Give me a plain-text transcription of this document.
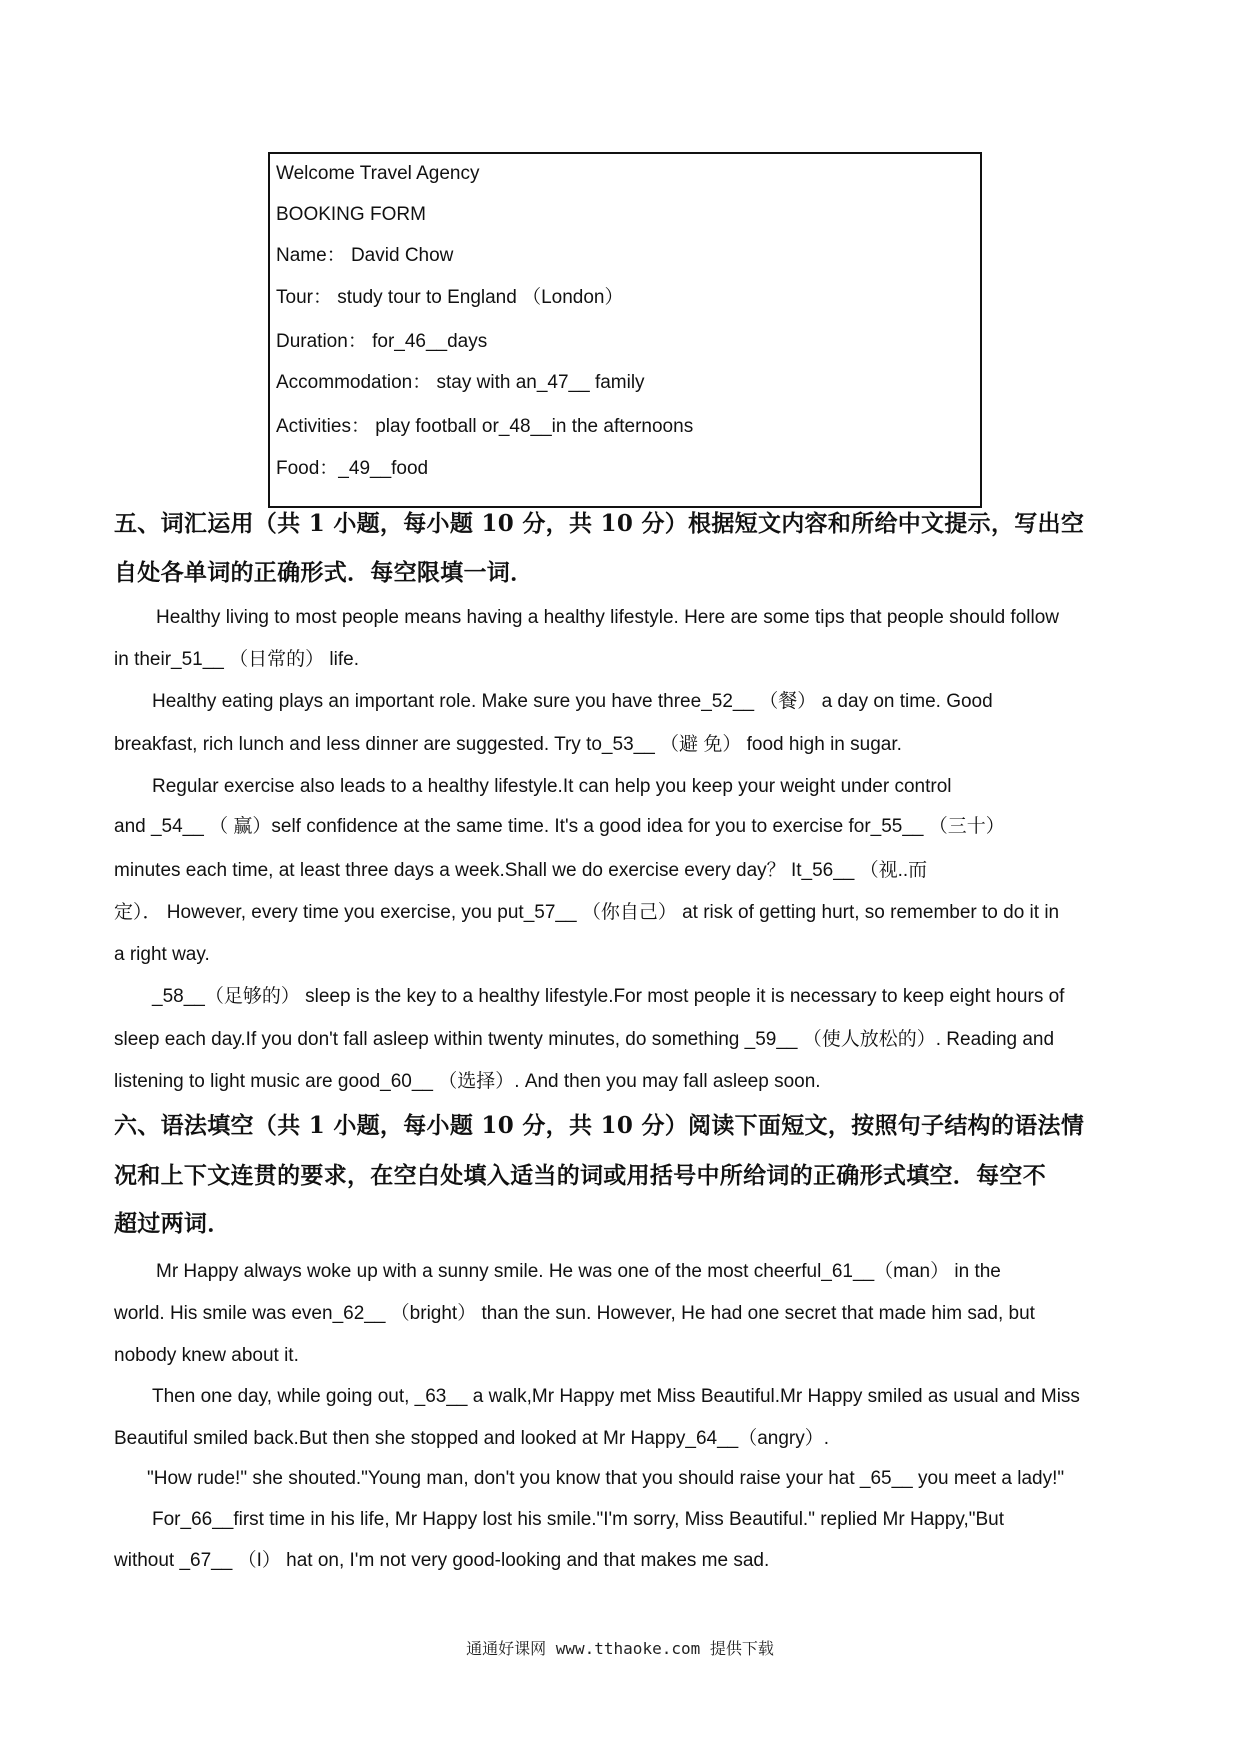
Welcome Travel Agency
BOOKING FORM
Name： David Chow
Tour： study tour to England （London）
Duration： for_46__days
Accommodation： stay with an_47__ family
Activities： play football or_48__in the afternoons
Food：_49__food
五、词汇运用（共 1 小题，每小题 10 分，共 10 分）根据短文内容和所给中文提示，写出空
自处各单词的正确形式．每空限填一词．
Healthy living to most people means having a healthy lifestyle. Here are some tips that people should follow
in their_51__ （日常的） life.
Healthy eating plays an important role. Make sure you have three_52__ （餐） a day on time. Good
breakfast, rich lunch and less dinner are suggested. Try to_53__ （避 免） food high in sugar.
Regular exercise also leads to a healthy lifestyle.It can help you keep your weight under control
and _54__ （ 赢）self confidence at the same time. It's a good idea for you to exercise for_55__ （三十）
minutes each time, at least three days a week.Shall we do exercise every day？ It_56__ （视..而
定）． However, every time you exercise, you put_57__ （你自己） at risk of getting hurt, so remember to do it in
a right way.
_58__（足够的） sleep is the key to a healthy lifestyle.For most people it is necessary to keep eight hours of
sleep each day.If you don't fall asleep within twenty minutes, do something _59__ （使人放松的）. Reading and
listening to light music are good_60__ （选择）. And then you may fall asleep soon.
六、语法填空（共 1 小题，每小题 10 分，共 10 分）阅读下面短文，按照句子结构的语法情
况和上下文连贯的要求，在空白处填入适当的词或用括号中所给词的正确形式填空．每空不
超过两词．
Mr Happy always woke up with a sunny smile. He was one of the most cheerful_61__（man） in the
world. His smile was even_62__ （bright） than the sun. However, He had one secret that made him sad, but
nobody knew about it.
Then one day, while going out, _63__ a walk,Mr Happy met Miss Beautiful.Mr Happy smiled as usual and Miss
Beautiful smiled back.But then she stopped and looked at Mr Happy_64__（angry）.
"How rude!" she shouted."Young man, don't you know that you should raise your hat _65__ you meet a lady!"
For_66__first time in his life, Mr Happy lost his smile."I'm sorry, Miss Beautiful." replied Mr Happy,"But
without _67__ （I） hat on, I'm not very good-looking and that makes me sad.
通通好课网 www.tthaoke.com 提供下载
